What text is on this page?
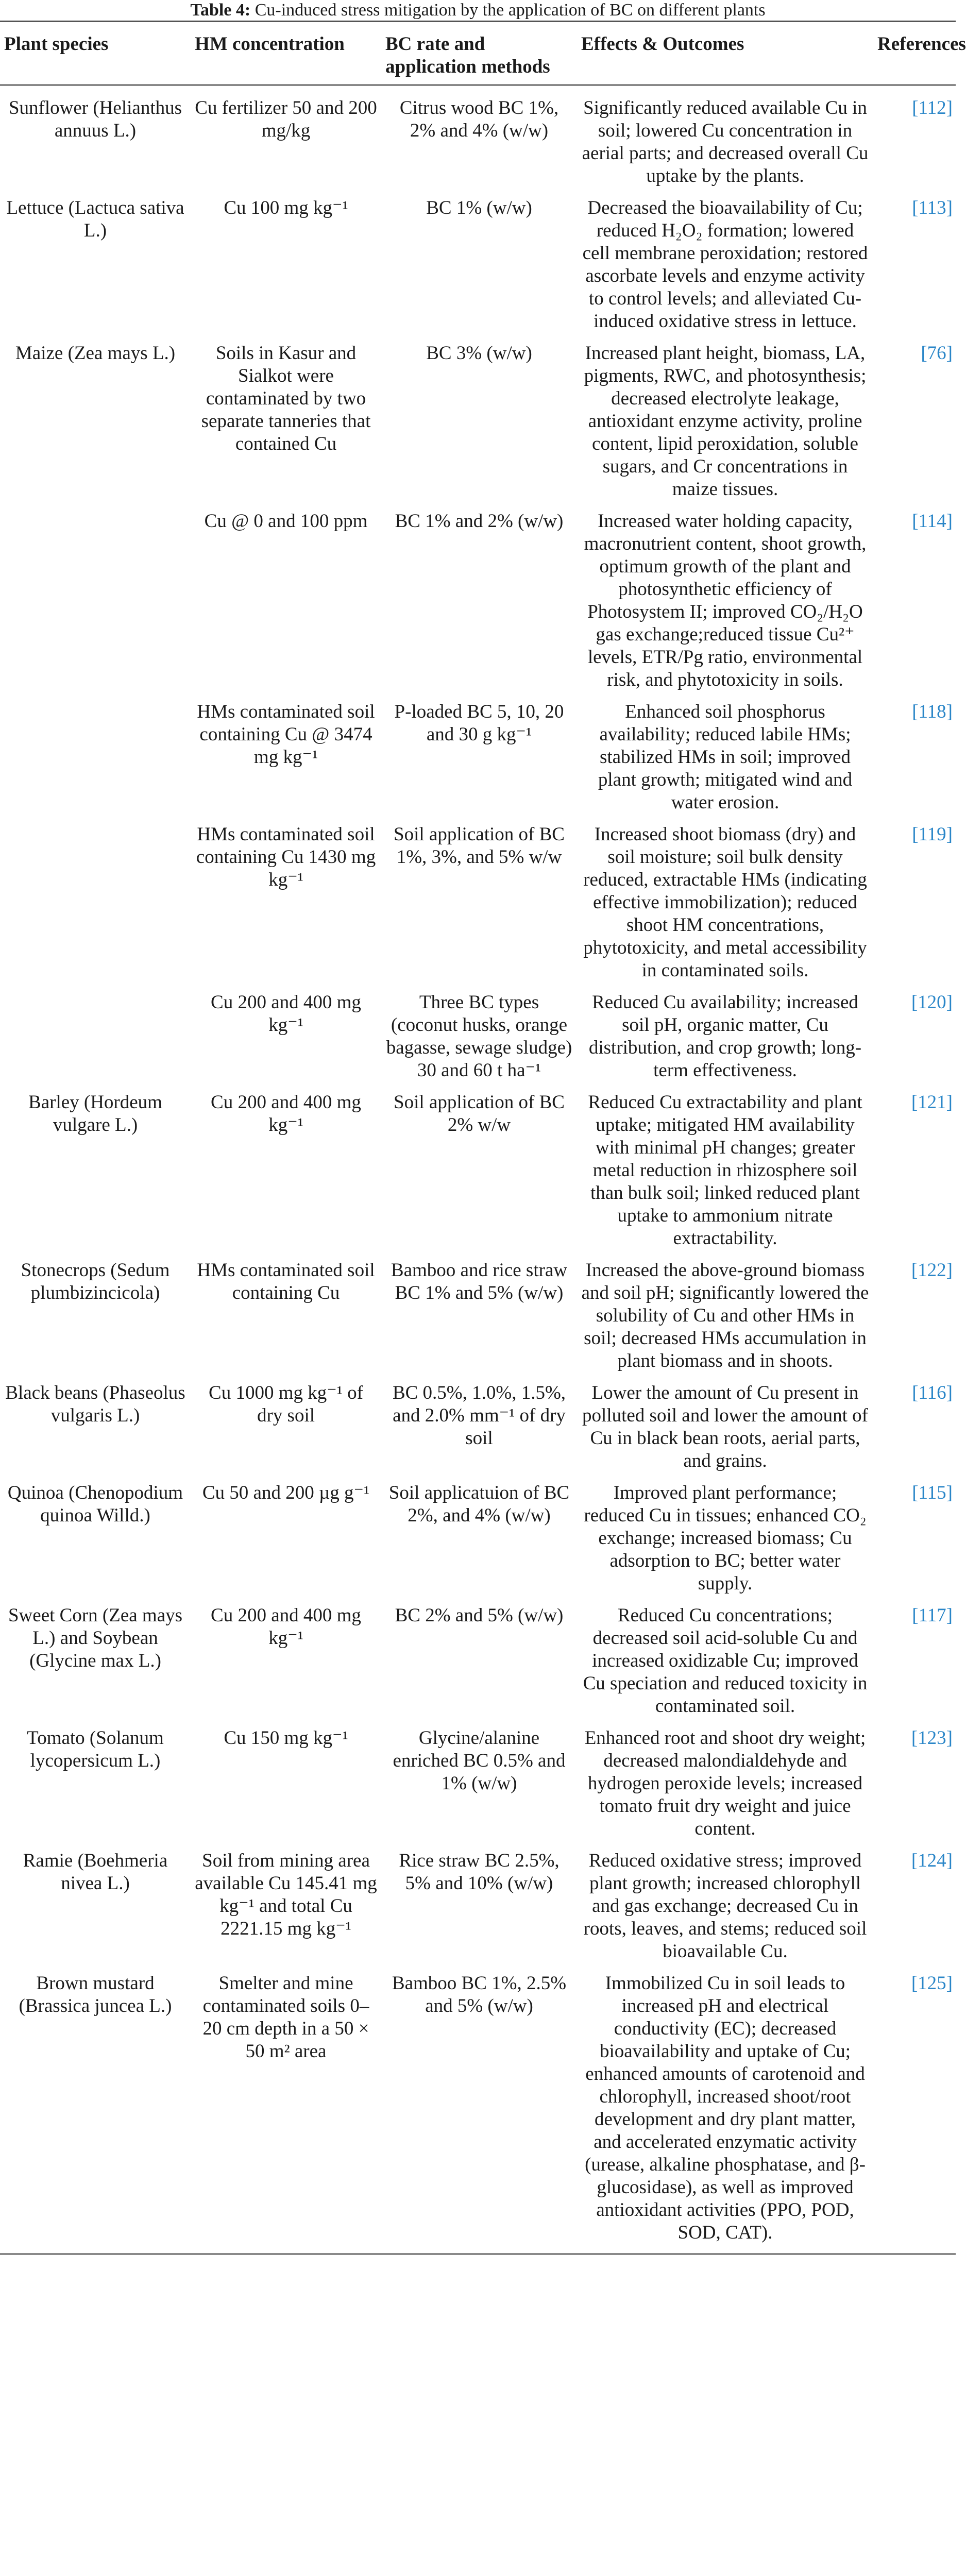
Table 4: Cu-induced stress mitigation by the application of BC on different plants
Plant species	HM concentration	BC rate and application methods	Effects & Outcomes	References
Sunflower (Helianthus annuus L.)	Cu fertilizer 50 and 200 mg/kg	Citrus wood BC 1%, 2% and 4% (w/w)	Significantly reduced available Cu in soil; lowered Cu concentration in aerial parts; and decreased overall Cu uptake by the plants.	[112]
Lettuce (Lactuca sativa L.)	Cu 100 mg kg⁻¹	BC 1% (w/w)	Decreased the bioavailability of Cu; reduced H₂O₂ formation; lowered cell membrane peroxidation; restored ascorbate levels and enzyme activity to control levels; and alleviated Cu-induced oxidative stress in lettuce.	[113]
Maize (Zea mays L.)	Soils in Kasur and Sialkot were contaminated by two separate tanneries that contained Cu	BC 3% (w/w)	Increased plant height, biomass, LA, pigments, RWC, and photosynthesis; decreased electrolyte leakage, antioxidant enzyme activity, proline content, lipid peroxidation, soluble sugars, and Cr concentrations in maize tissues.	[76]
	Cu @ 0 and 100 ppm	BC 1% and 2% (w/w)	Increased water holding capacity, macronutrient content, shoot growth, optimum growth of the plant and photosynthetic efficiency of Photosystem II; improved CO₂/H₂O gas exchange;reduced tissue Cu²⁺ levels, ETR/Pg ratio, environmental risk, and phytotoxicity in soils.	[114]
	HMs contaminated soil containing Cu @ 3474 mg kg⁻¹	P-loaded BC 5, 10, 20 and 30 g kg⁻¹	Enhanced soil phosphorus availability; reduced labile HMs; stabilized HMs in soil; improved plant growth; mitigated wind and water erosion.	[118]
	HMs contaminated soil containing Cu 1430 mg kg⁻¹	Soil application of BC 1%, 3%, and 5% w/w	Increased shoot biomass (dry) and soil moisture; soil bulk density reduced, extractable HMs (indicating effective immobilization); reduced shoot HM concentrations, phytotoxicity, and metal accessibility in contaminated soils.	[119]
	Cu 200 and 400 mg kg⁻¹	Three BC types (coconut husks, orange bagasse, sewage sludge) 30 and 60 t ha⁻¹	Reduced Cu availability; increased soil pH, organic matter, Cu distribution, and crop growth; long-term effectiveness.	[120]
Barley (Hordeum vulgare L.)	Cu 200 and 400 mg kg⁻¹	Soil application of BC 2% w/w	Reduced Cu extractability and plant uptake; mitigated HM availability with minimal pH changes; greater metal reduction in rhizosphere soil than bulk soil; linked reduced plant uptake to ammonium nitrate extractability.	[121]
Stonecrops (Sedum plumbizincicola)	HMs contaminated soil containing Cu	Bamboo and rice straw BC 1% and 5% (w/w)	Increased the above-ground biomass and soil pH; significantly lowered the solubility of Cu and other HMs in soil; decreased HMs accumulation in plant biomass and in shoots.	[122]
Black beans (Phaseolus vulgaris L.)	Cu 1000 mg kg⁻¹ of dry soil	BC 0.5%, 1.0%, 1.5%, and 2.0% mm⁻¹ of dry soil	Lower the amount of Cu present in polluted soil and lower the amount of Cu in black bean roots, aerial parts, and grains.	[116]
Quinoa (Chenopodium quinoa Willd.)	Cu 50 and 200 µg g⁻¹	Soil applicatuion of BC 2%, and 4% (w/w)	Improved plant performance; reduced Cu in tissues; enhanced CO₂ exchange; increased biomass; Cu adsorption to BC; better water supply.	[115]
Sweet Corn (Zea mays L.) and Soybean (Glycine max L.)	Cu 200 and 400 mg kg⁻¹	BC 2% and 5% (w/w)	Reduced Cu concentrations; decreased soil acid-soluble Cu and increased oxidizable Cu; improved Cu speciation and reduced toxicity in contaminated soil.	[117]
Tomato (Solanum lycopersicum L.)	Cu 150 mg kg⁻¹	Glycine/alanine enriched BC 0.5% and 1% (w/w)	Enhanced root and shoot dry weight; decreased malondialdehyde and hydrogen peroxide levels; increased tomato fruit dry weight and juice content.	[123]
Ramie (Boehmeria nivea L.)	Soil from mining area available Cu 145.41 mg kg⁻¹ and total Cu 2221.15 mg kg⁻¹	Rice straw BC 2.5%, 5% and 10% (w/w)	Reduced oxidative stress; improved plant growth; increased chlorophyll and gas exchange; decreased Cu in roots, leaves, and stems; reduced soil bioavailable Cu.	[124]
Brown mustard (Brassica juncea L.)	Smelter and mine contaminated soils 0–20 cm depth in a 50 × 50 m² area	Bamboo BC 1%, 2.5% and 5% (w/w)	Immobilized Cu in soil leads to increased pH and electrical conductivity (EC); decreased bioavailability and uptake of Cu; enhanced amounts of carotenoid and chlorophyll, increased shoot/root development and dry plant matter, and accelerated enzymatic activity (urease, alkaline phosphatase, and β-glucosidase), as well as improved antioxidant activities (PPO, POD, SOD, CAT).	[125]
